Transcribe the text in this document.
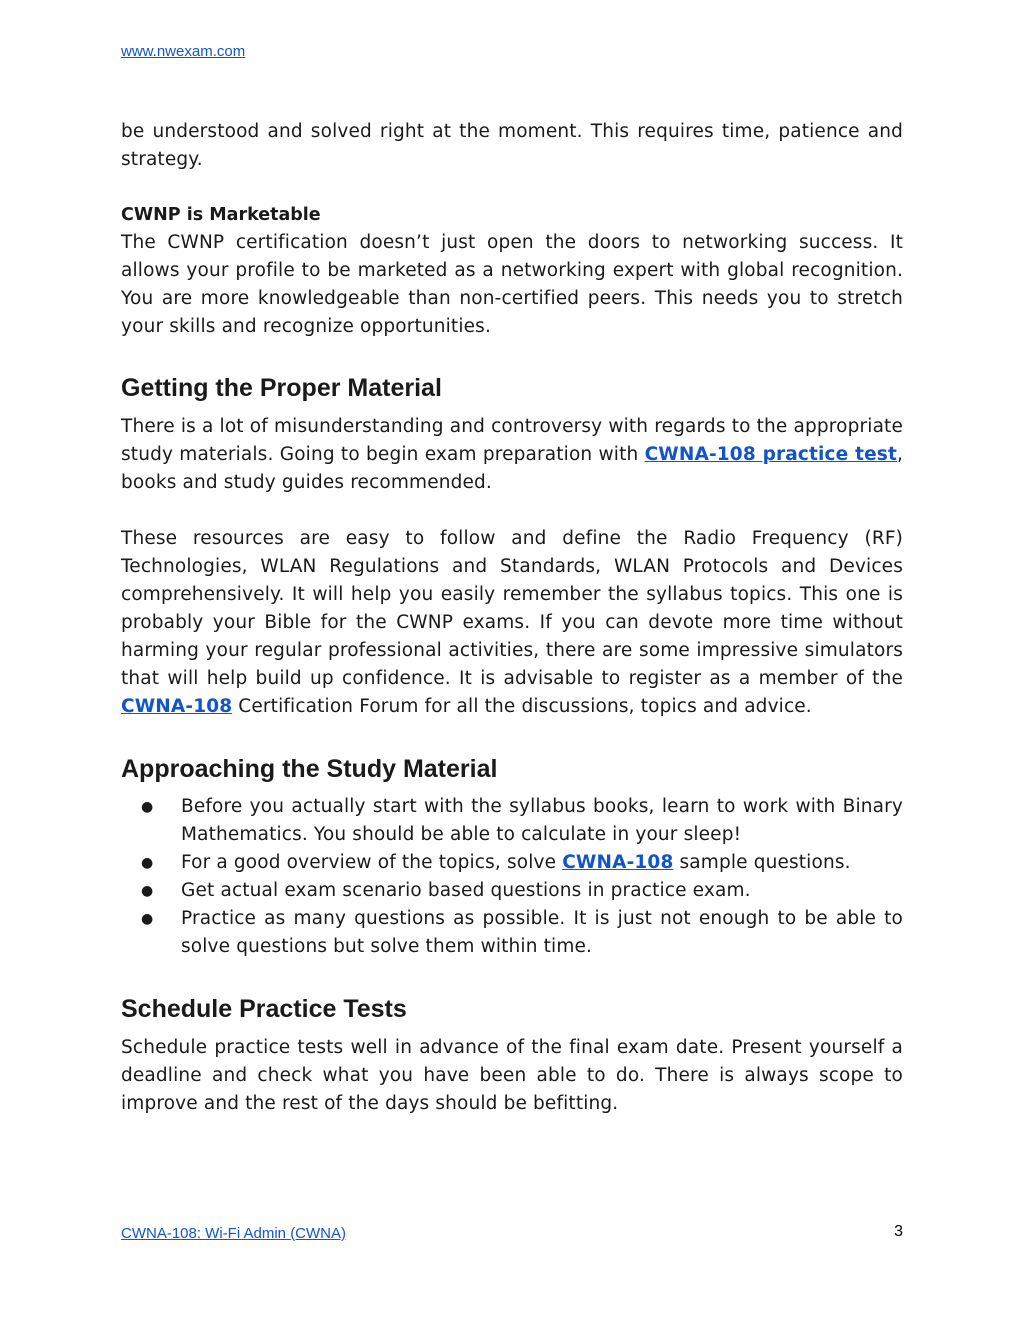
www.nwexam.com

be understood and solved right at the moment. This requires time, patience and strategy.

CWNP is Marketable

The CWNP certification doesn’t just open the doors to networking success. It allows your profile to be marketed as a networking expert with global recognition. You are more knowledgeable than non-certified peers. This needs you to stretch your skills and recognize opportunities.

Getting the Proper Material

There is a lot of misunderstanding and controversy with regards to the appropriate study materials. Going to begin exam preparation with CWNA-108 practice test, books and study guides recommended.

These resources are easy to follow and define the Radio Frequency (RF) Technologies, WLAN Regulations and Standards, WLAN Protocols and Devices comprehensively. It will help you easily remember the syllabus topics. This one is probably your Bible for the CWNP exams. If you can devote more time without harming your regular professional activities, there are some impressive simulators that will help build up confidence. It is advisable to register as a member of the CWNA-108 Certification Forum for all the discussions, topics and advice.

Approaching the Study Material
● Before you actually start with the syllabus books, learn to work with Binary Mathematics. You should be able to calculate in your sleep!
● For a good overview of the topics, solve CWNA-108 sample questions.
● Get actual exam scenario based questions in practice exam.
● Practice as many questions as possible. It is just not enough to be able to solve questions but solve them within time.
Schedule Practice Tests

Schedule practice tests well in advance of the final exam date. Present yourself a deadline and check what you have been able to do. There is always scope to improve and the rest of the days should be befitting.

CWNA-108: Wi-Fi Admin (CWNA)	3
